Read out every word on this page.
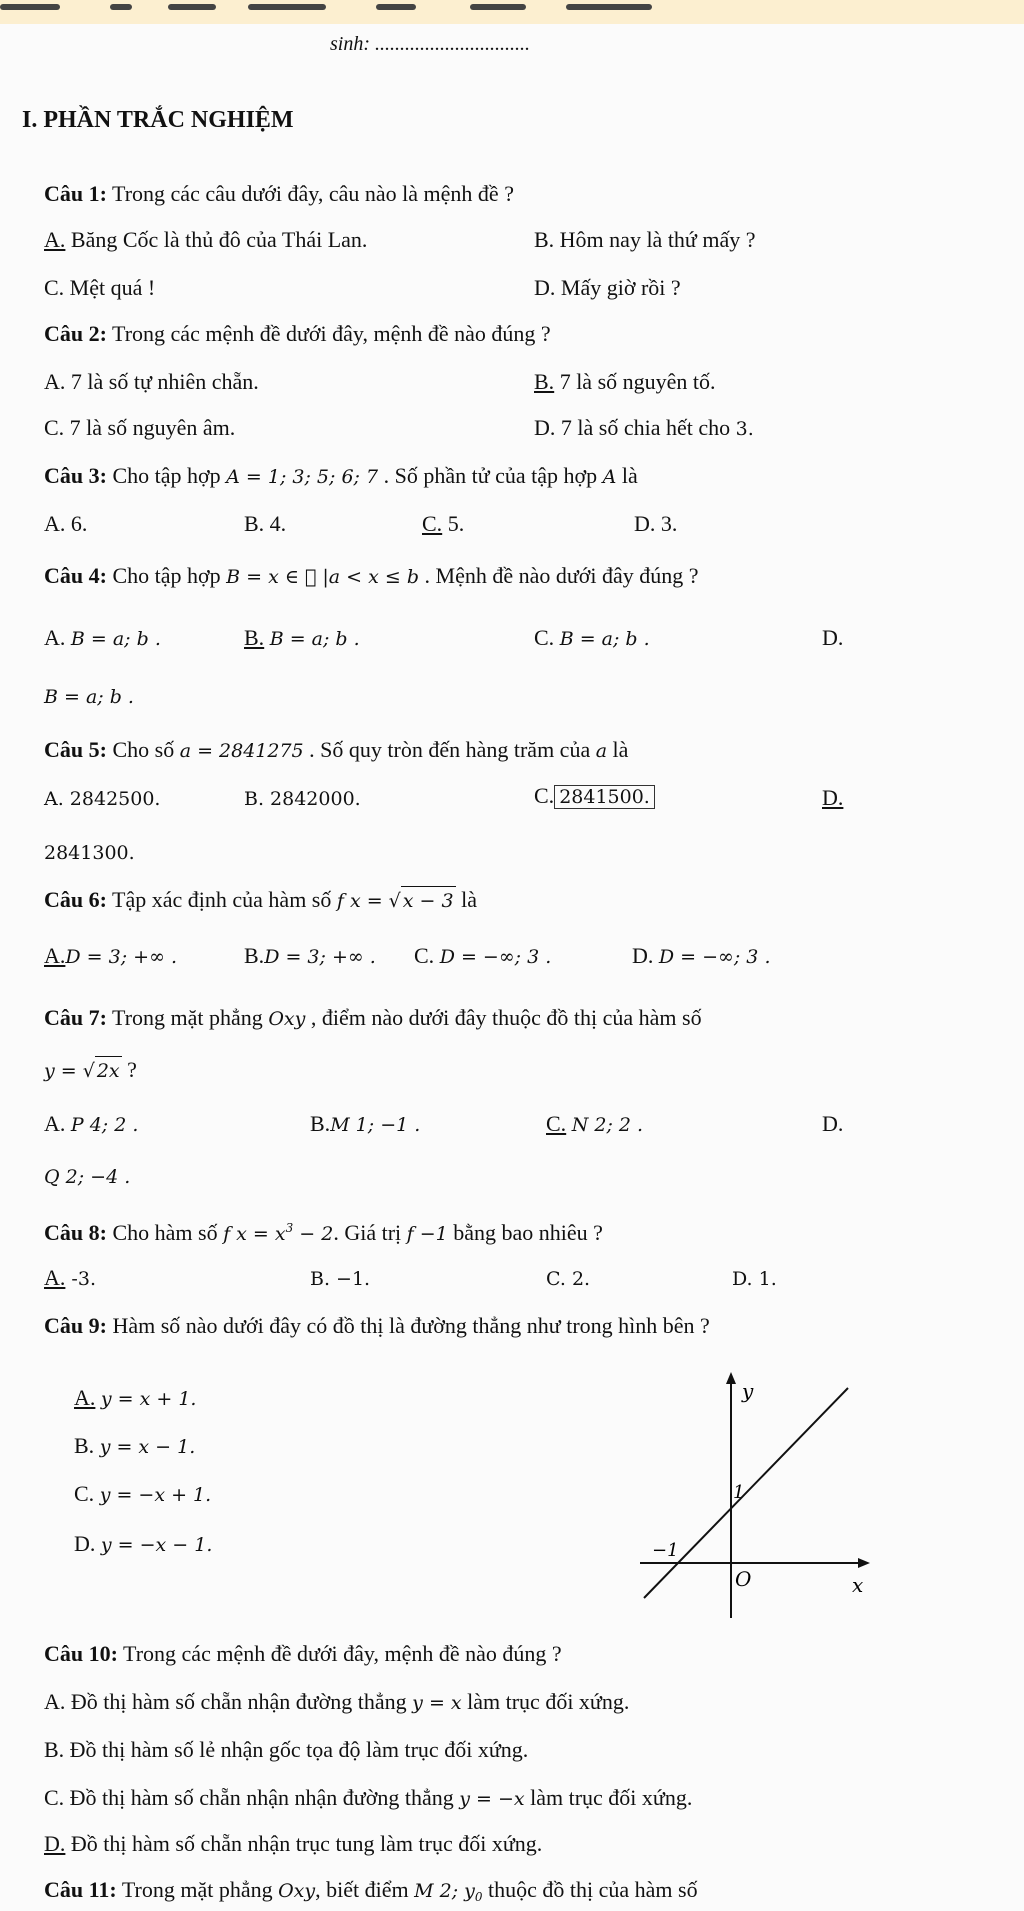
sinh: ...............................
I. PHẦN TRẮC NGHIỆM
Câu 1: Trong các câu dưới đây, câu nào là mệnh đề ?
A. Băng Cốc là thủ đô của Thái Lan.	B. Hôm nay là thứ mấy ?
C. Mệt quá !	D. Mấy giờ rồi ?
Câu 2: Trong các mệnh đề dưới đây, mệnh đề nào đúng ?
A. 7 là số tự nhiên chẵn.	B. 7 là số nguyên tố.
C. 7 là số nguyên âm.	D. 7 là số chia hết cho 3.
Câu 3: Cho tập hợp A = 1; 3; 5; 6; 7 . Số phần tử của tập hợp A là
A. 6.	B. 4.	C. 5.	D. 3.
Câu 4: Cho tập hợp B = x ∈ ⃞ |a < x ≤ b . Mệnh đề nào dưới đây đúng ?
A. B = a; b .	B. B = a; b .	C. B = a; b .	D.
B = a; b .
Câu 5: Cho số a = 2841275 . Số quy tròn đến hàng trăm của a là
A. 2842500.	B. 2842000.	C. 2841500.	D.
2841300.
Câu 6: Tập xác định của hàm số f x = √ x − 3 là
A.D = 3; +∞ .	B.D = 3; +∞ . C. D = −∞; 3 .	D. D = −∞; 3 .
Câu 7: Trong mặt phẳng Oxy , điểm nào dưới đây thuộc đồ thị của hàm số
y = √ 2x ?
A. P 4; 2 .	B.M 1; −1 .	C. N 2; 2 .	D.
Q 2; −4 .
Câu 8: Cho hàm số f $x = x^3 - 2$. Giá trị f −1 bằng bao nhiêu ?
A. -3.	B. −1.	C. 2.	D. 1.
Câu 9: Hàm số nào dưới đây có đồ thị là đường thẳng như trong hình bên ?
A. y = x + 1.
B. y = x − 1.
C. y = −x + 1.
D. y = −x − 1.
y
x
1
−1
O
Câu 10: Trong các mệnh đề dưới đây, mệnh đề nào đúng ?
A. Đồ thị hàm số chẵn nhận đường thẳng y = x làm trục đối xứng.
B. Đồ thị hàm số lẻ nhận gốc tọa độ làm trục đối xứng.
C. Đồ thị hàm số chẵn nhận nhận đường thẳng y = −x làm trục đối xứng.
D. Đồ thị hàm số chẵn nhận trục tung làm trục đối xứng.
Câu 11: Trong mặt phẳng Oxy, biết điểm M 2; $y_0$ thuộc đồ thị của hàm số
